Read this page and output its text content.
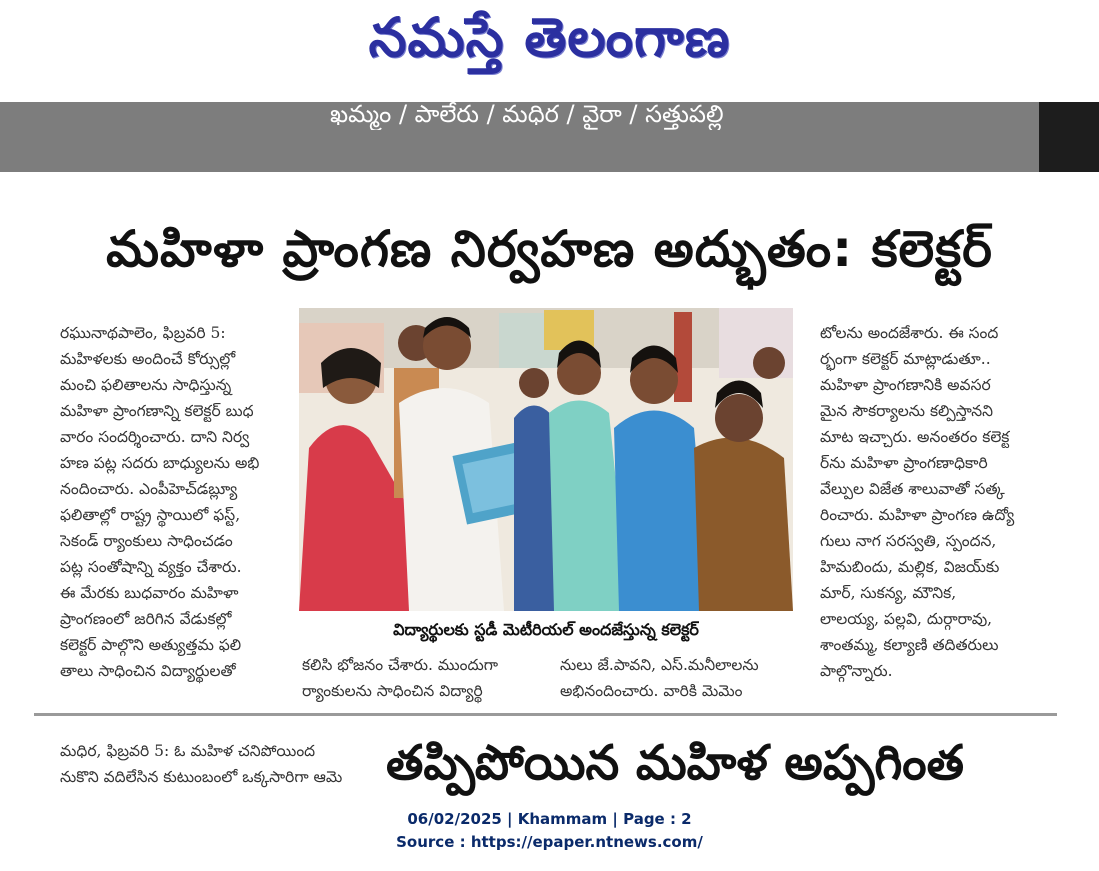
నమస్తే తెలంగాణ
ఖమ్మం / పాలేరు / మధిర / వైరా / సత్తుపల్లి
మహిళా ప్రాంగణ నిర్వహణ అద్భుతం: కలెక్టర్
రఘునాథపాలెం, ఫిబ్రవరి 5:
మహిళలకు అందించే కోర్సుల్లో
మంచి ఫలితాలను సాధిస్తున్న
మహిళా ప్రాంగణాన్ని కలెక్టర్ బుధ
వారం సందర్శించారు. దాని నిర్వ
హణ పట్ల సదరు బాధ్యులను అభి
నందించారు. ఎంపీహెచ్‌డబ్ల్యూ
ఫలితాల్లో రాష్ట్ర స్థాయిలో ఫస్ట్,
సెకండ్ ర్యాంకులు సాధించడం
పట్ల సంతోషాన్ని వ్యక్తం చేశారు.
ఈ మేరకు బుధవారం మహిళా
ప్రాంగణంలో జరిగిన వేడుకల్లో
కలెక్టర్ పాల్గొని అత్యుత్తమ ఫలి
తాలు సాధించిన విద్యార్థులతో
విద్యార్థులకు స్టడీ మెటీరియల్ అందజేస్తున్న కలెక్టర్
కలిసి భోజనం చేశారు. ముందుగా
ర్యాంకులను సాధించిన విద్యార్థి
నులు జే.పావని, ఎస్.మనీలాలను
అభినందించారు. వారికి మెమెం
టోలను అందజేశారు. ఈ సంద
ర్భంగా కలెక్టర్ మాట్లాడుతూ..
మహిళా ప్రాంగణానికి అవసర
మైన సౌకర్యాలను కల్పిస్తానని
మాట ఇచ్చారు. అనంతరం కలెక్ట
ర్‌ను మహిళా ప్రాంగణాధికారి
వేల్పుల విజేత శాలువాతో సత్క
రించారు. మహిళా ప్రాంగణ ఉద్యో
గులు నాగ సరస్వతి, స్పందన,
హిమబిందు, మల్లిక, విజయ్‌కు
మార్, సుకన్య, మౌనిక,
లాలయ్య, పల్లవి, దుర్గారావు,
శాంతమ్మ, కల్యాణి తదితరులు
పాల్గొన్నారు.
మధిర, ఫిబ్రవరి 5: ఓ మహిళ చనిపోయింద
నుకొని వదిలేసిన కుటుంబంలో ఒక్కసారిగా ఆమె తప్పిపోయిన మహిళ అప్పగింత
06/02/2025 | Khammam | Page : 2
Source : https://epaper.ntnews.com/
